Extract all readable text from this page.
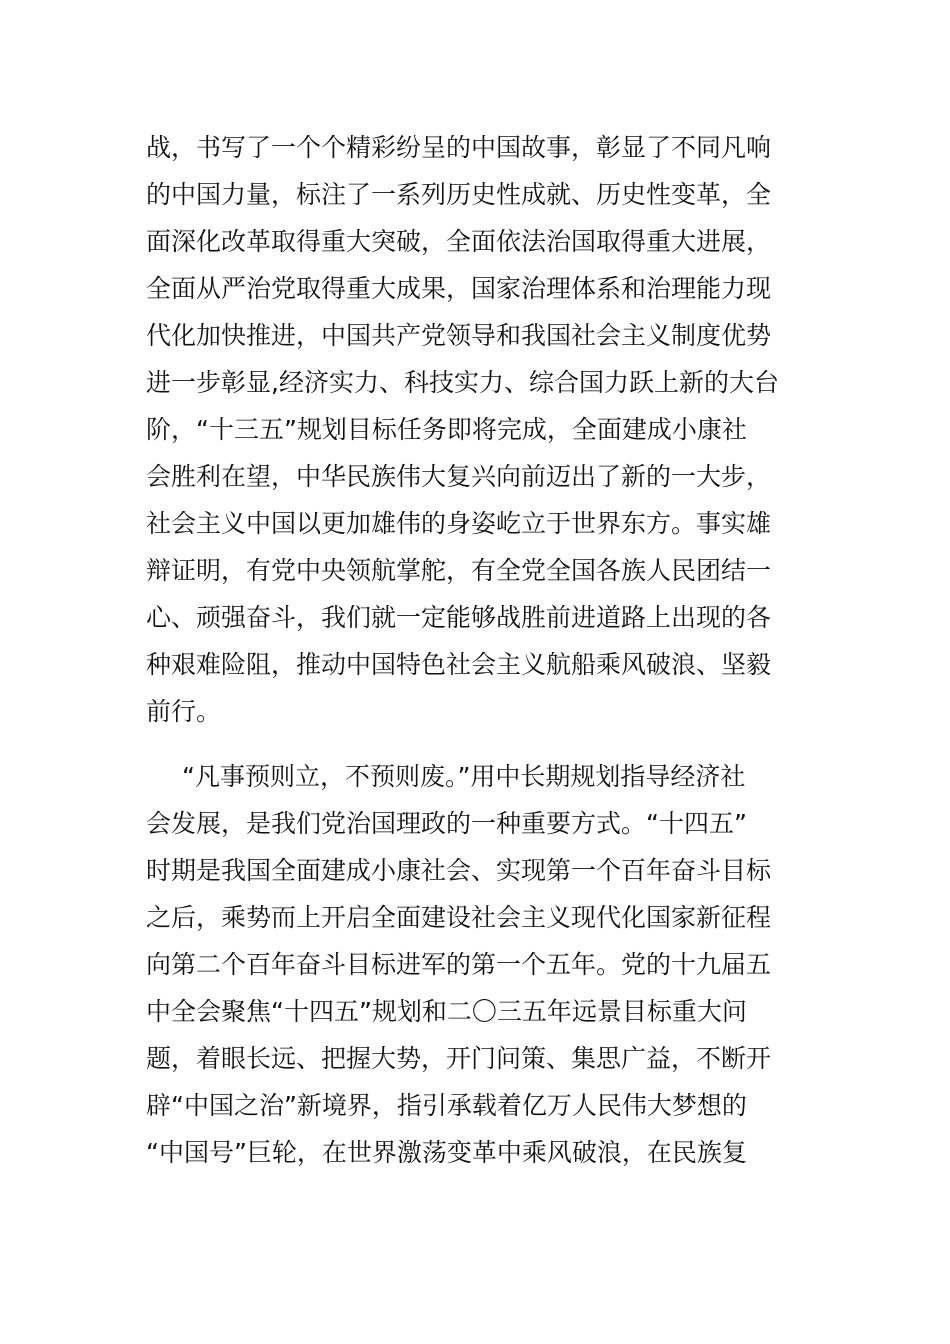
战，书写了一个个精彩纷呈的中国故事，彰显了不同凡响
的中国力量，标注了一系列历史性成就、历史性变革，全
面深化改革取得重大突破，全面依法治国取得重大进展，
全面从严治党取得重大成果，国家治理体系和治理能力现
代化加快推进，中国共产党领导和我国社会主义制度优势
进一步彰显,经济实力、科技实力、综合国力跃上新的大台
阶，“十三五”规划目标任务即将完成，全面建成小康社
会胜利在望，中华民族伟大复兴向前迈出了新的一大步，
社会主义中国以更加雄伟的身姿屹立于世界东方。事实雄
辩证明，有党中央领航掌舵，有全党全国各族人民团结一
心、顽强奋斗，我们就一定能够战胜前进道路上出现的各
种艰难险阻，推动中国特色社会主义航船乘风破浪、坚毅
前行。
“凡事预则立，不预则废。”用中长期规划指导经济社
会发展，是我们党治国理政的一种重要方式。“十四五”
时期是我国全面建成小康社会、实现第一个百年奋斗目标
之后，乘势而上开启全面建设社会主义现代化国家新征程
向第二个百年奋斗目标进军的第一个五年。党的十九届五
中全会聚焦“十四五”规划和二〇三五年远景目标重大问
题，着眼长远、把握大势，开门问策、集思广益，不断开
辟“中国之治”新境界，指引承载着亿万人民伟大梦想的
“中国号”巨轮，在世界激荡变革中乘风破浪，在民族复
